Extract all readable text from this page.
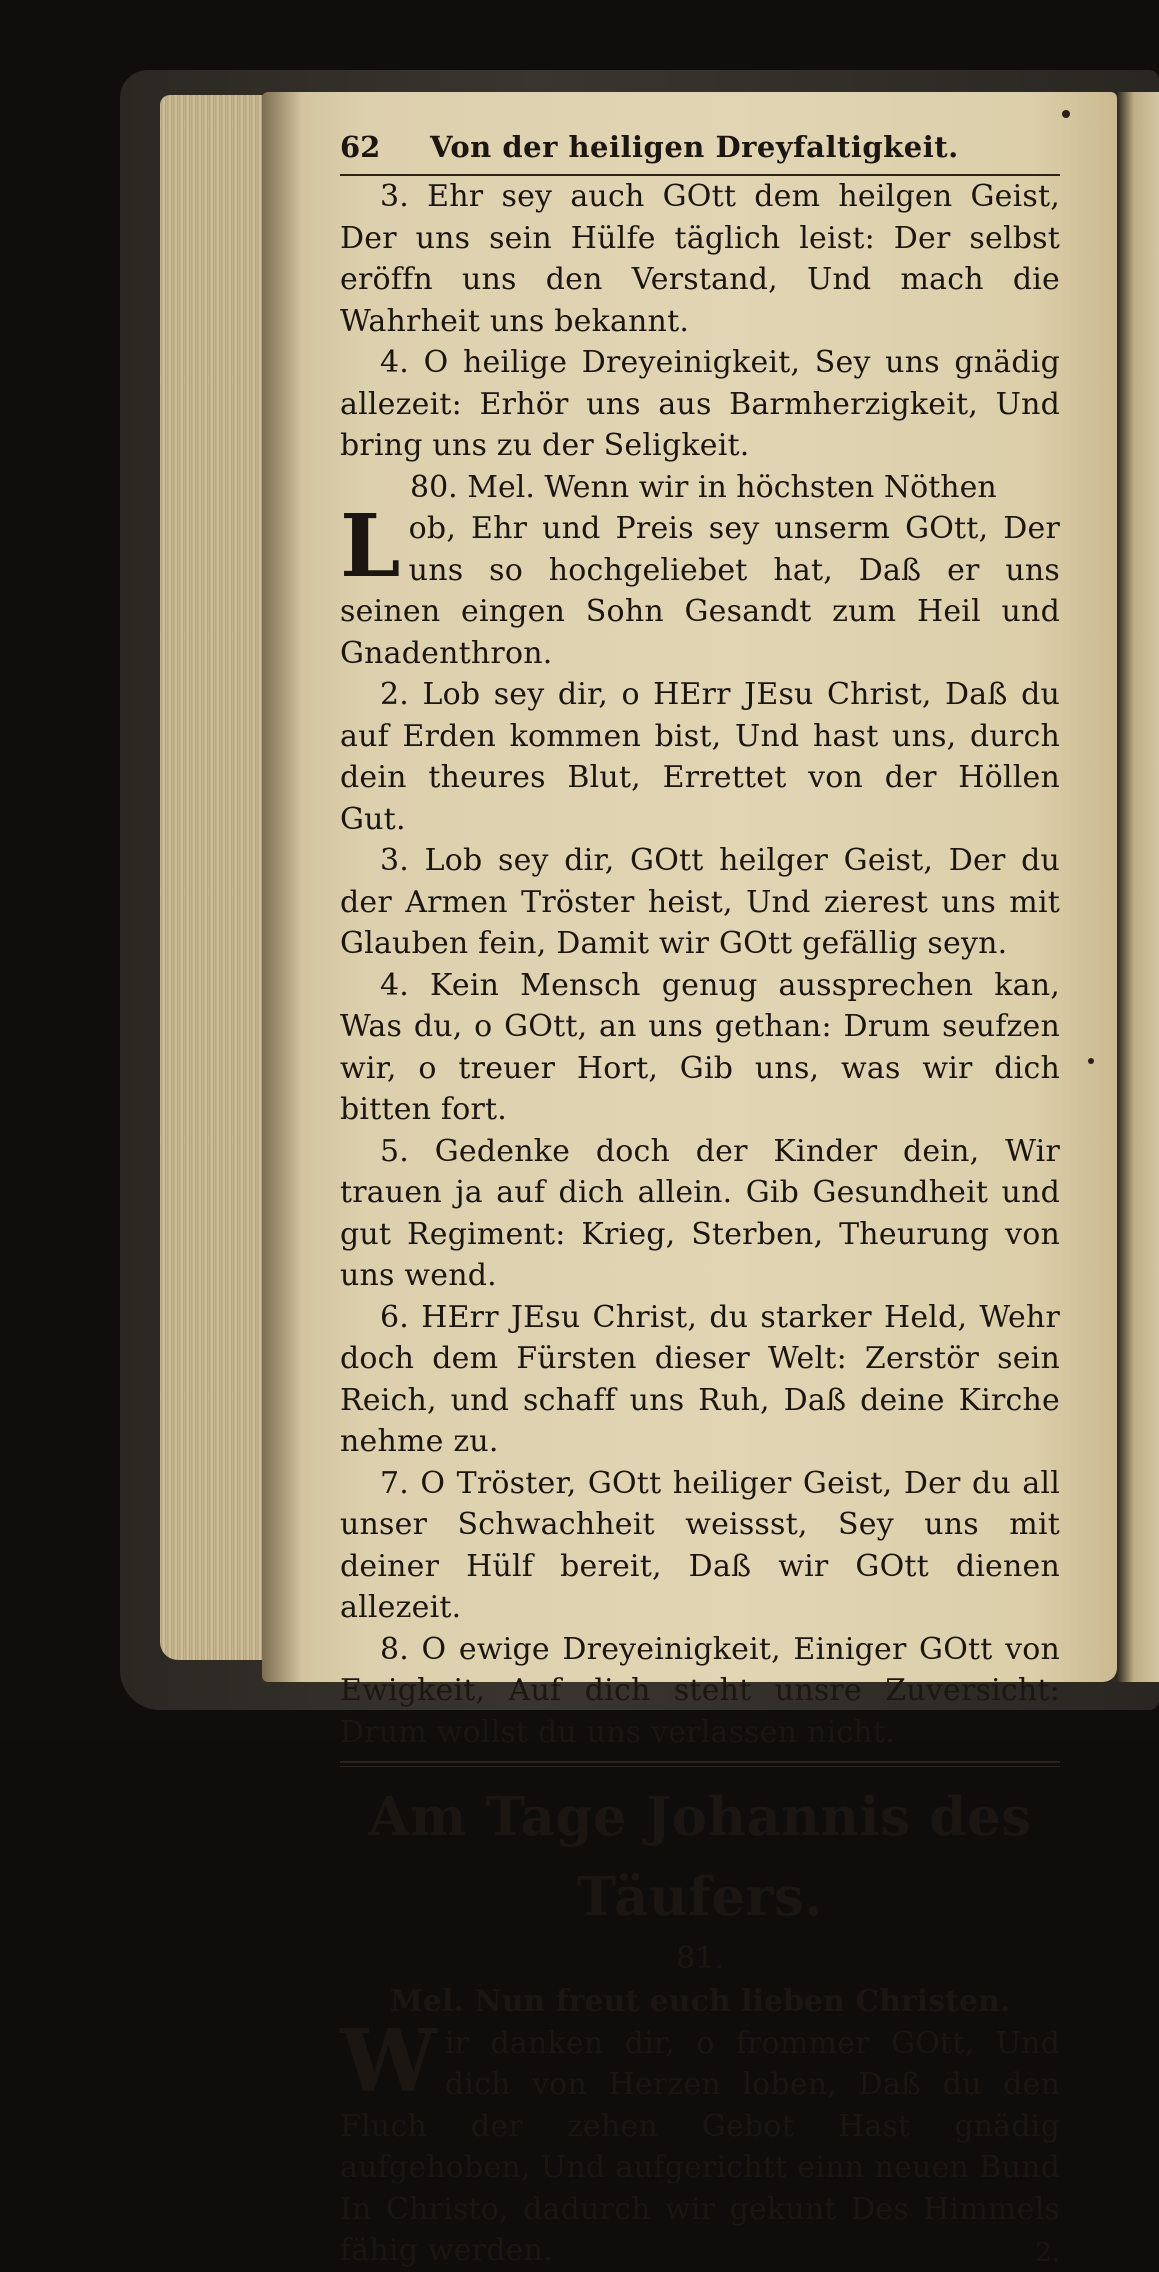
62	Von der heiligen Dreyfaltigkeit.

3. Ehr sey auch GOtt dem heilgen Geist, Der uns sein Hülfe täglich leist: Der selbst eröffn uns den Verstand, Und mach die Wahrheit uns bekannt.

4. O heilige Dreyeinigkeit, Sey uns gnädig allezeit: Erhör uns aus Barmherzigkeit, Und bring uns zu der Seligkeit.

80. Mel. Wenn wir in höchsten Nöthen

Lob, Ehr und Preis sey unserm GOtt, Der uns so hochgeliebet hat, Daß er uns seinen eingen Sohn Gesandt zum Heil und Gnadenthron.

2. Lob sey dir, o HErr JEsu Christ, Daß du auf Erden kommen bist, Und hast uns, durch dein theures Blut, Errettet von der Höllen Gut.

3. Lob sey dir, GOtt heilger Geist, Der du der Armen Tröster heist, Und zierest uns mit Glauben fein, Damit wir GOtt gefällig seyn.

4. Kein Mensch genug aussprechen kan, Was du, o GOtt, an uns gethan: Drum seufzen wir, o treuer Hort, Gib uns, was wir dich bitten fort.

5. Gedenke doch der Kinder dein, Wir trauen ja auf dich allein. Gib Gesundheit und gut Regiment: Krieg, Sterben, Theurung von uns wend.

6. HErr JEsu Christ, du starker Held, Wehr doch dem Fürsten dieser Welt: Zerstör sein Reich, und schaff uns Ruh, Daß deine Kirche nehme zu.

7. O Tröster, GOtt heiliger Geist, Der du all unser Schwachheit weissst, Sey uns mit deiner Hülf bereit, Daß wir GOtt dienen allezeit.

8. O ewige Dreyeinigkeit, Einiger GOtt von Ewigkeit, Auf dich steht unsre Zuversicht: Drum wollst du uns verlassen nicht.

Am Tage Johannis des Täufers.
81.
Mel. Nun freut euch lieben Christen.

Wir danken dir, o frommer GOtt, Und dich von Herzen loben, Daß du den Fluch der zehen Gebot Hast gnädig aufgehoben, Und aufgerichtt einn neuen Bund In Christo, dadurch wir gekunt Des Himmels fähig werden.	2.
